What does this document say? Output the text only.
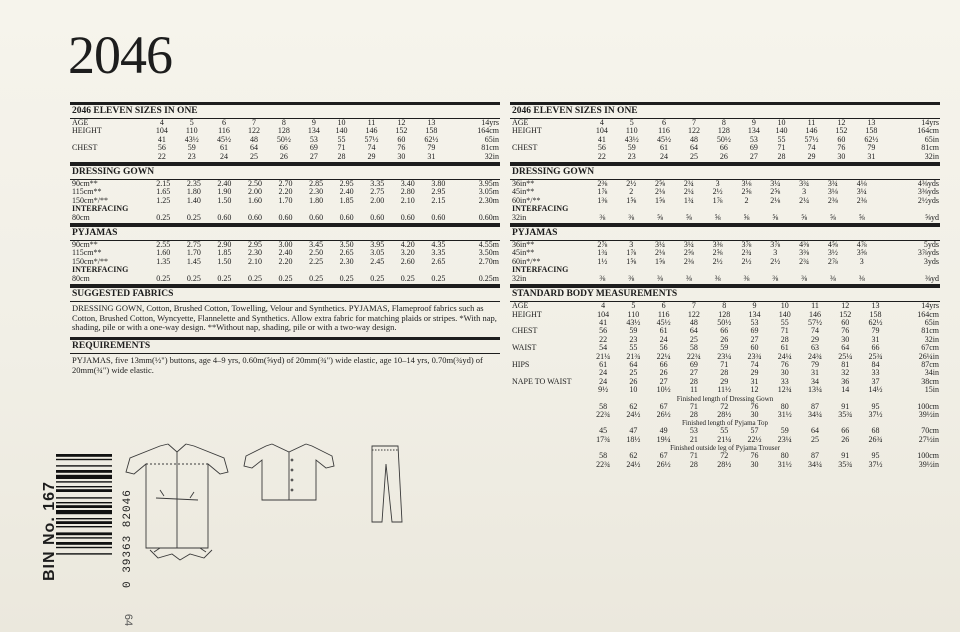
2046
2046 ELEVEN SIZES IN ONE
AGE	4	5	6	7	8	9	10	11	12	13	14yrs
HEIGHT	104	110	116	122	128	134	140	146	152	158	164cm
	41	43½	45½	48	50½	53	55	57½	60	62½	65in
CHEST	56	59	61	64	66	69	71	74	76	79	81cm
	22	23	24	25	26	27	28	29	30	31	32in
DRESSING GOWN
90cm**	2.15	2.35	2.40	2.50	2.70	2.85	2.95	3.35	3.40	3.80	3.95m
115cm**	1.65	1.80	1.90	2.00	2.20	2.30	2.40	2.75	2.80	2.95	3.05m
150cm*/**	1.25	1.40	1.50	1.60	1.70	1.80	1.85	2.00	2.10	2.15	2.30m
INTERFACING											
80cm	0.25	0.25	0.60	0.60	0.60	0.60	0.60	0.60	0.60	0.60	0.60m
PYJAMAS
90cm**	2.55	2.75	2.90	2.95	3.00	3.45	3.50	3.95	4.20	4.35	4.55m
115cm**	1.60	1.70	1.85	2.30	2.40	2.50	2.65	3.05	3.20	3.35	3.50m
150cm*/**	1.35	1.45	1.50	2.10	2.20	2.25	2.30	2.45	2.60	2.65	2.70m
INTERFACING											
80cm	0.25	0.25	0.25	0.25	0.25	0.25	0.25	0.25	0.25	0.25	0.25m
SUGGESTED FABRICS
DRESSING GOWN, Cotton, Brushed Cotton, Towelling, Velour and Synthetics. PYJAMAS, Flameproof fabrics such as Cotton, Brushed Cotton, Wyncyette, Flannelette and Synthetics. Allow extra fabric for matching plaids or stripes. *With nap, shading, pile or with a one-way design. **Without nap, shading, pile or with a two-way design.
REQUIREMENTS
PYJAMAS, five 13mm(½") buttons, age 4–9 yrs, 0.60m(⅝yd) of 20mm(¾") wide elastic, age 10–14 yrs, 0.70m(¾yd) of 20mm(¾") wide elastic.
2046 ELEVEN SIZES IN ONE
AGE	4	5	6	7	8	9	10	11	12	13	14yrs
HEIGHT	104	110	116	122	128	134	140	146	152	158	164cm
	41	43½	45½	48	50½	53	55	57½	60	62½	65in
CHEST	56	59	61	64	66	69	71	74	76	79	81cm
	22	23	24	25	26	27	28	29	30	31	32in
DRESSING GOWN
36in**	2⅜	2½	2⅝	2¾	3	3⅛	3¼	3¾	3¾	4⅛	4⅜yds
45in**	1⅞	2	2⅛	2¼	2½	2⅝	2⅝	3	3⅛	3¼	3⅜yds
60in*/**	1⅜	1⅝	1⅝	1¾	1⅞	2	2⅛	2¼	2⅜	2⅜	2½yds
INTERFACING											
32in	⅜	⅜	⅝	⅝	⅝	⅝	⅝	⅝	⅝	⅝	⅝yd
PYJAMAS
36in**	2⅞	3	3¼	3¼	3⅜	3⅞	3⅞	4⅜	4⅝	4⅞	5yds
45in**	1¾	1⅞	2⅛	2⅝	2⅝	2¾	3	3⅜	3½	3⅝	3⅞yds
60in*/**	1½	1⅝	1⅝	2⅜	2½	2½	2½	2¾	2⅞	3	3yds
INTERFACING											
32in	⅜	⅜	⅜	⅜	⅜	⅜	⅜	⅜	⅜	⅜	⅜yd
STANDARD BODY MEASUREMENTS
AGE	4	5	6	7	8	9	10	11	12	13	14yrs
HEIGHT	104	110	116	122	128	134	140	146	152	158	164cm
	41	43½	45½	48	50½	53	55	57½	60	62½	65in
CHEST	56	59	61	64	66	69	71	74	76	79	81cm
	22	23	24	25	26	27	28	29	30	31	32in
WAIST	54	55	56	58	59	60	61	63	64	66	67cm
	21¼	21¾	22¼	22¾	23¼	23¾	24¼	24¾	25¼	25¾	26¼in
HIPS	61	64	66	69	71	74	76	79	81	84	87cm
	24	25	26	27	28	29	30	31	32	33	34in
NAPE TO WAIST	24	26	27	28	29	31	33	34	36	37	38cm
	9½	10	10½	11	11½	12	12¾	13¼	14	14½	15in
Finished length of Dressing Gown											
	58	62	67	71	72	76	80	87	91	95	100cm
	22¾	24½	26½	28	28½	30	31½	34¼	35¾	37½	39½in
Finished length of Pyjama Top											
	45	47	49	53	55	57	59	64	66	68	70cm
	17¾	18½	19¼	21	21¼	22½	23¼	25	26	26¾	27½in
Finished outside leg of Pyjama Trouser											
	58	62	67	71	72	76	80	87	91	95	100cm
	22¾	24½	26½	28	28½	30	31½	34¼	35¾	37½	39½in
BIN No. 167	0 39363 82046
64
